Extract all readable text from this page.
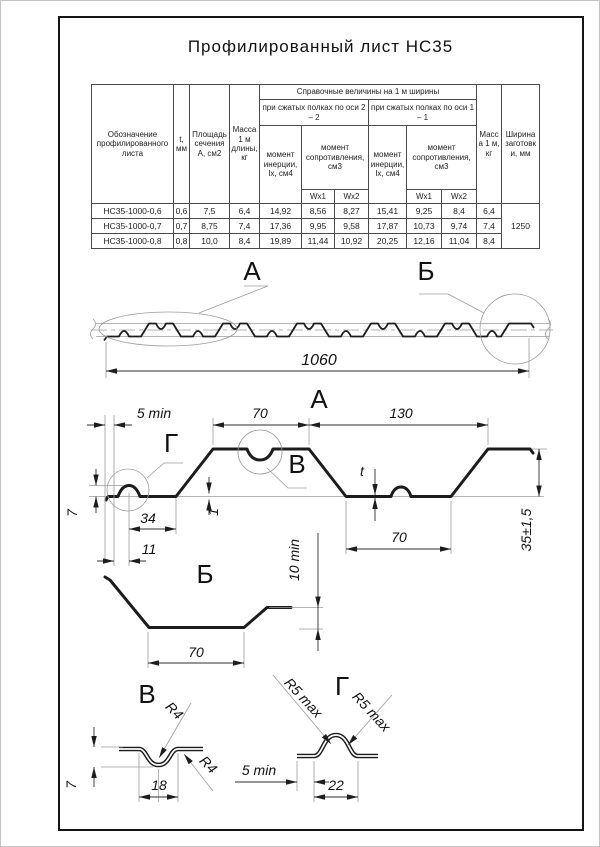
Профилированный лист НС35
Обозначение профилированного листа	t, мм	Площадь сечения А, см2	Масса 1 м длины, кг	Справочные величины на 1 м ширины						Масса 1 м, кг	Ширина заготовки, мм
				при сжатых полках по оси 2 – 2			при сжатых полках по оси 1 – 1				
				момент инерции, Iх, см4	момент сопротивления, см3		момент инерции, Iх, см4	момент сопротивления, см3			
					Wх1	Wх2		Wх1	Wх2		
НС35-1000-0,6	0,6	7,5	6,4	14,92	8,56	8,27	15,41	9,25	8,4	6,4	1250
НС35-1000-0,7	0,7	8,75	7,4	17,36	9,95	9,58	17,87	10,73	9,74	7,4	
НС35-1000-0,8	0,8	10,0	8,4	19,89	11,44	10,92	20,25	12,16	11,04	8,4	
А	Б
1060
А
Г
В
5 min	70	130
t
7	34	1
11
70	35±1,5
Б	10 min
70
В
7	18
R4
R4
Г
5 min
22
R5 max R5 max
